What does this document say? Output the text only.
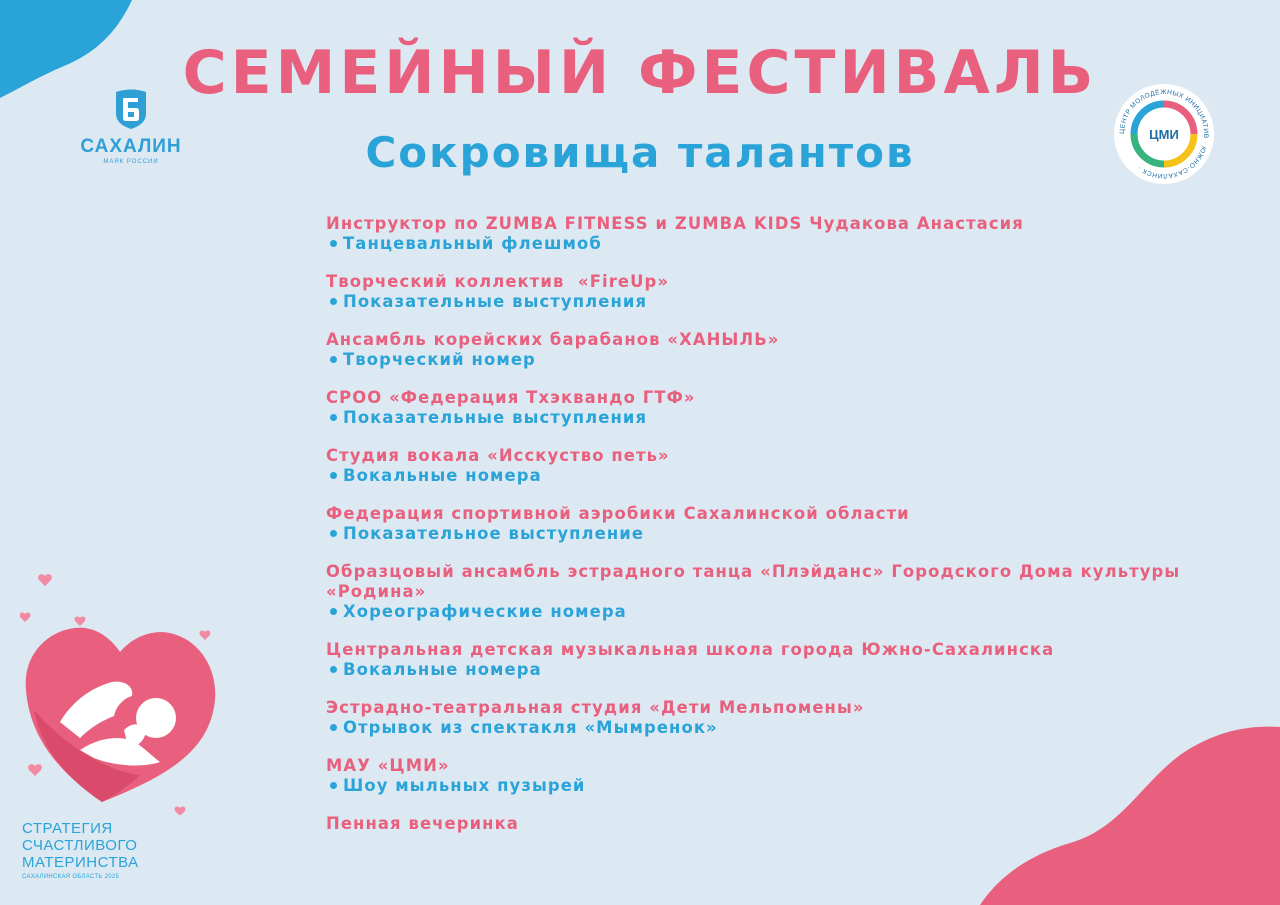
САХАЛИН
МАЯК РОССИИ
СЕМЕЙНЫЙ ФЕСТИВАЛЬ
Сокровища талантов	ЦМИ
ЦЕНТР МОЛОДЁЖНЫХ ИНИЦИАТИВ · ЮЖНО-САХАЛИНСК ·
Инструктор по ZUMBA FITNESS и ZUMBA KIDS Чудакова Анастасия
Танцевальный флешмоб
Творческий коллектив  «FireUp»
Показательные выступления
Ансамбль корейских барабанов «ХАНЫЛЬ»
Творческий номер
СРОО «Федерация Тхэквандо ГТФ»
Показательные выступления
Студия вокала «Исскуство петь»
Вокальные номера
Федерация спортивной аэробики Сахалинской области
Показательное выступление
Образцовый ансамбль эстрадного танца «Плэйданс» Городского Дома культуры «Родина»
Хореографические номера
Центральная детская музыкальная школа города Южно-Сахалинска
Вокальные номера
Эстрадно-театральная студия «Дети Мельпомены»
Отрывок из спектакля «Мымренок»
МАУ «ЦМИ»
Шоу мыльных пузырей
Пенная вечеринка
СТРАТЕГИЯ
СЧАСТЛИВОГО
МАТЕРИНСТВА
САХАЛИНСКАЯ ОБЛАСТЬ 2025
